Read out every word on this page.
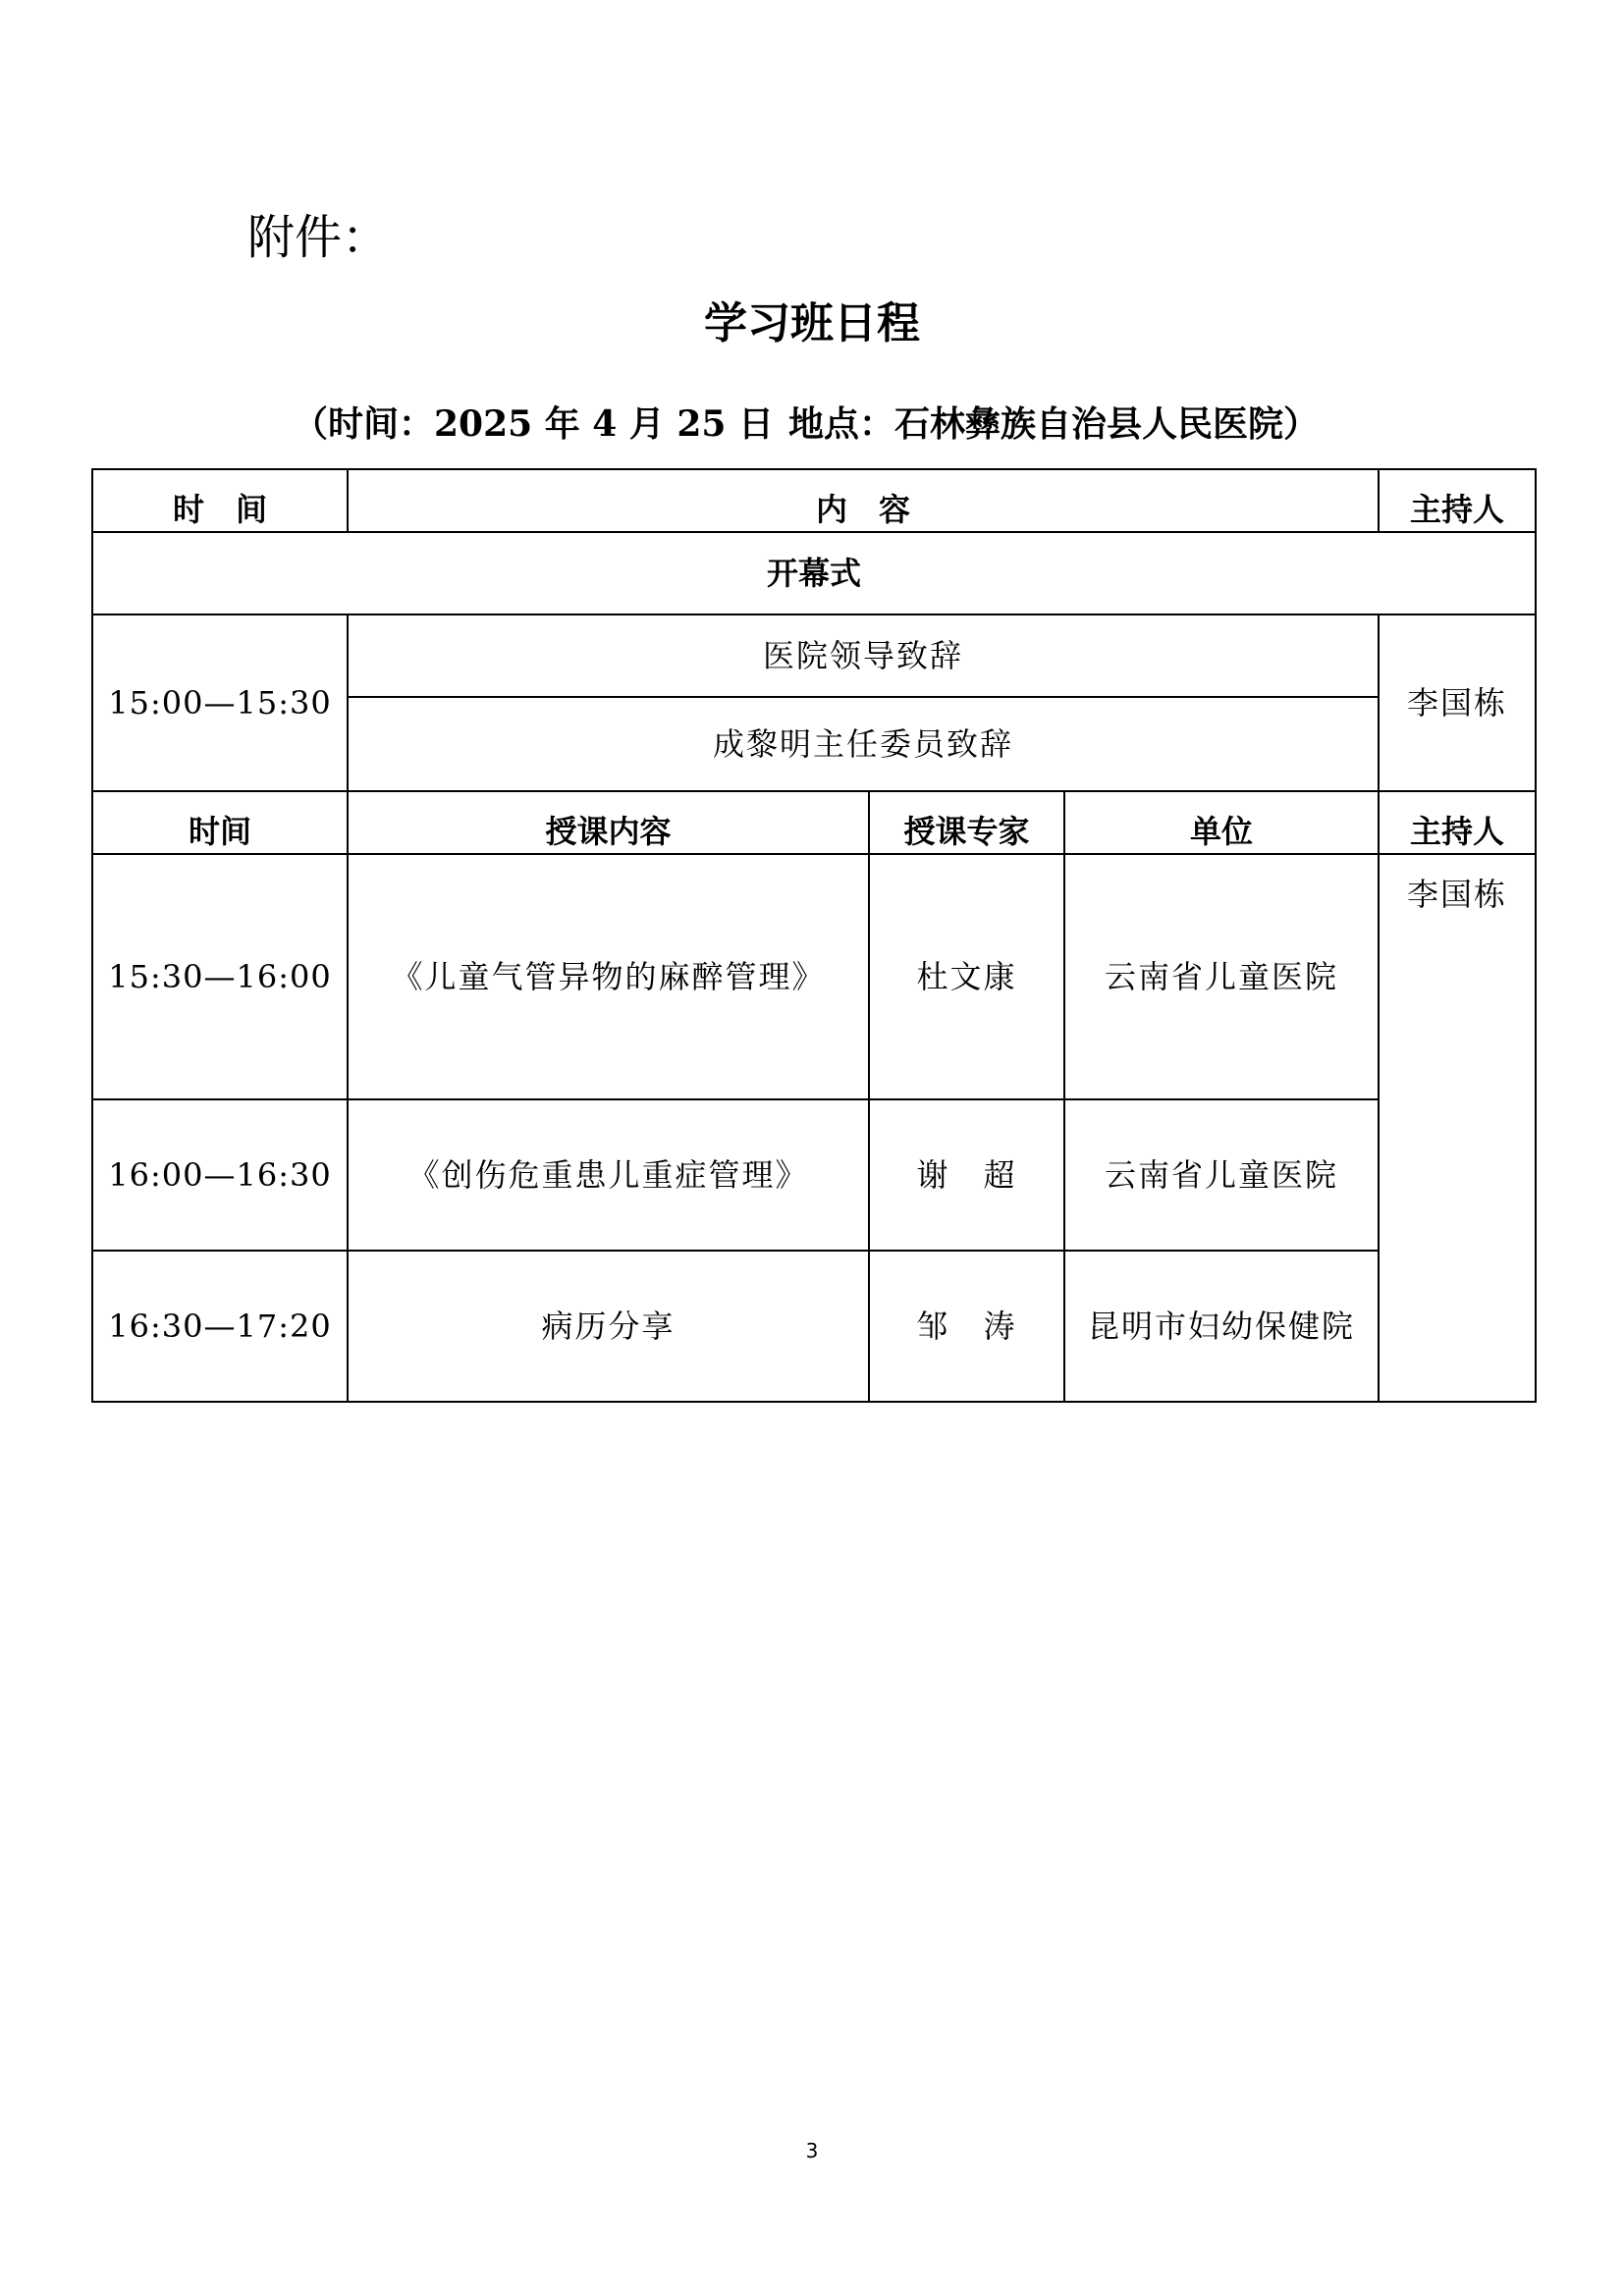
附件：
学习班日程
（时间：2025 年 4 月 25 日 地点：石林彝族自治县人民医院）
时　间	内　容			主持人
开幕式				
15:00—15:30	医院领导致辞			李国栋
	成黎明主任委员致辞			
时间	授课内容	授课专家	单位	主持人
15:30—16:00	《儿童气管异物的麻醉管理》	杜文康	云南省儿童医院	李国栋
16:00—16:30	《创伤危重患儿重症管理》	谢　超	云南省儿童医院	
16:30—17:20	病历分享	邹　涛	昆明市妇幼保健院	
3
